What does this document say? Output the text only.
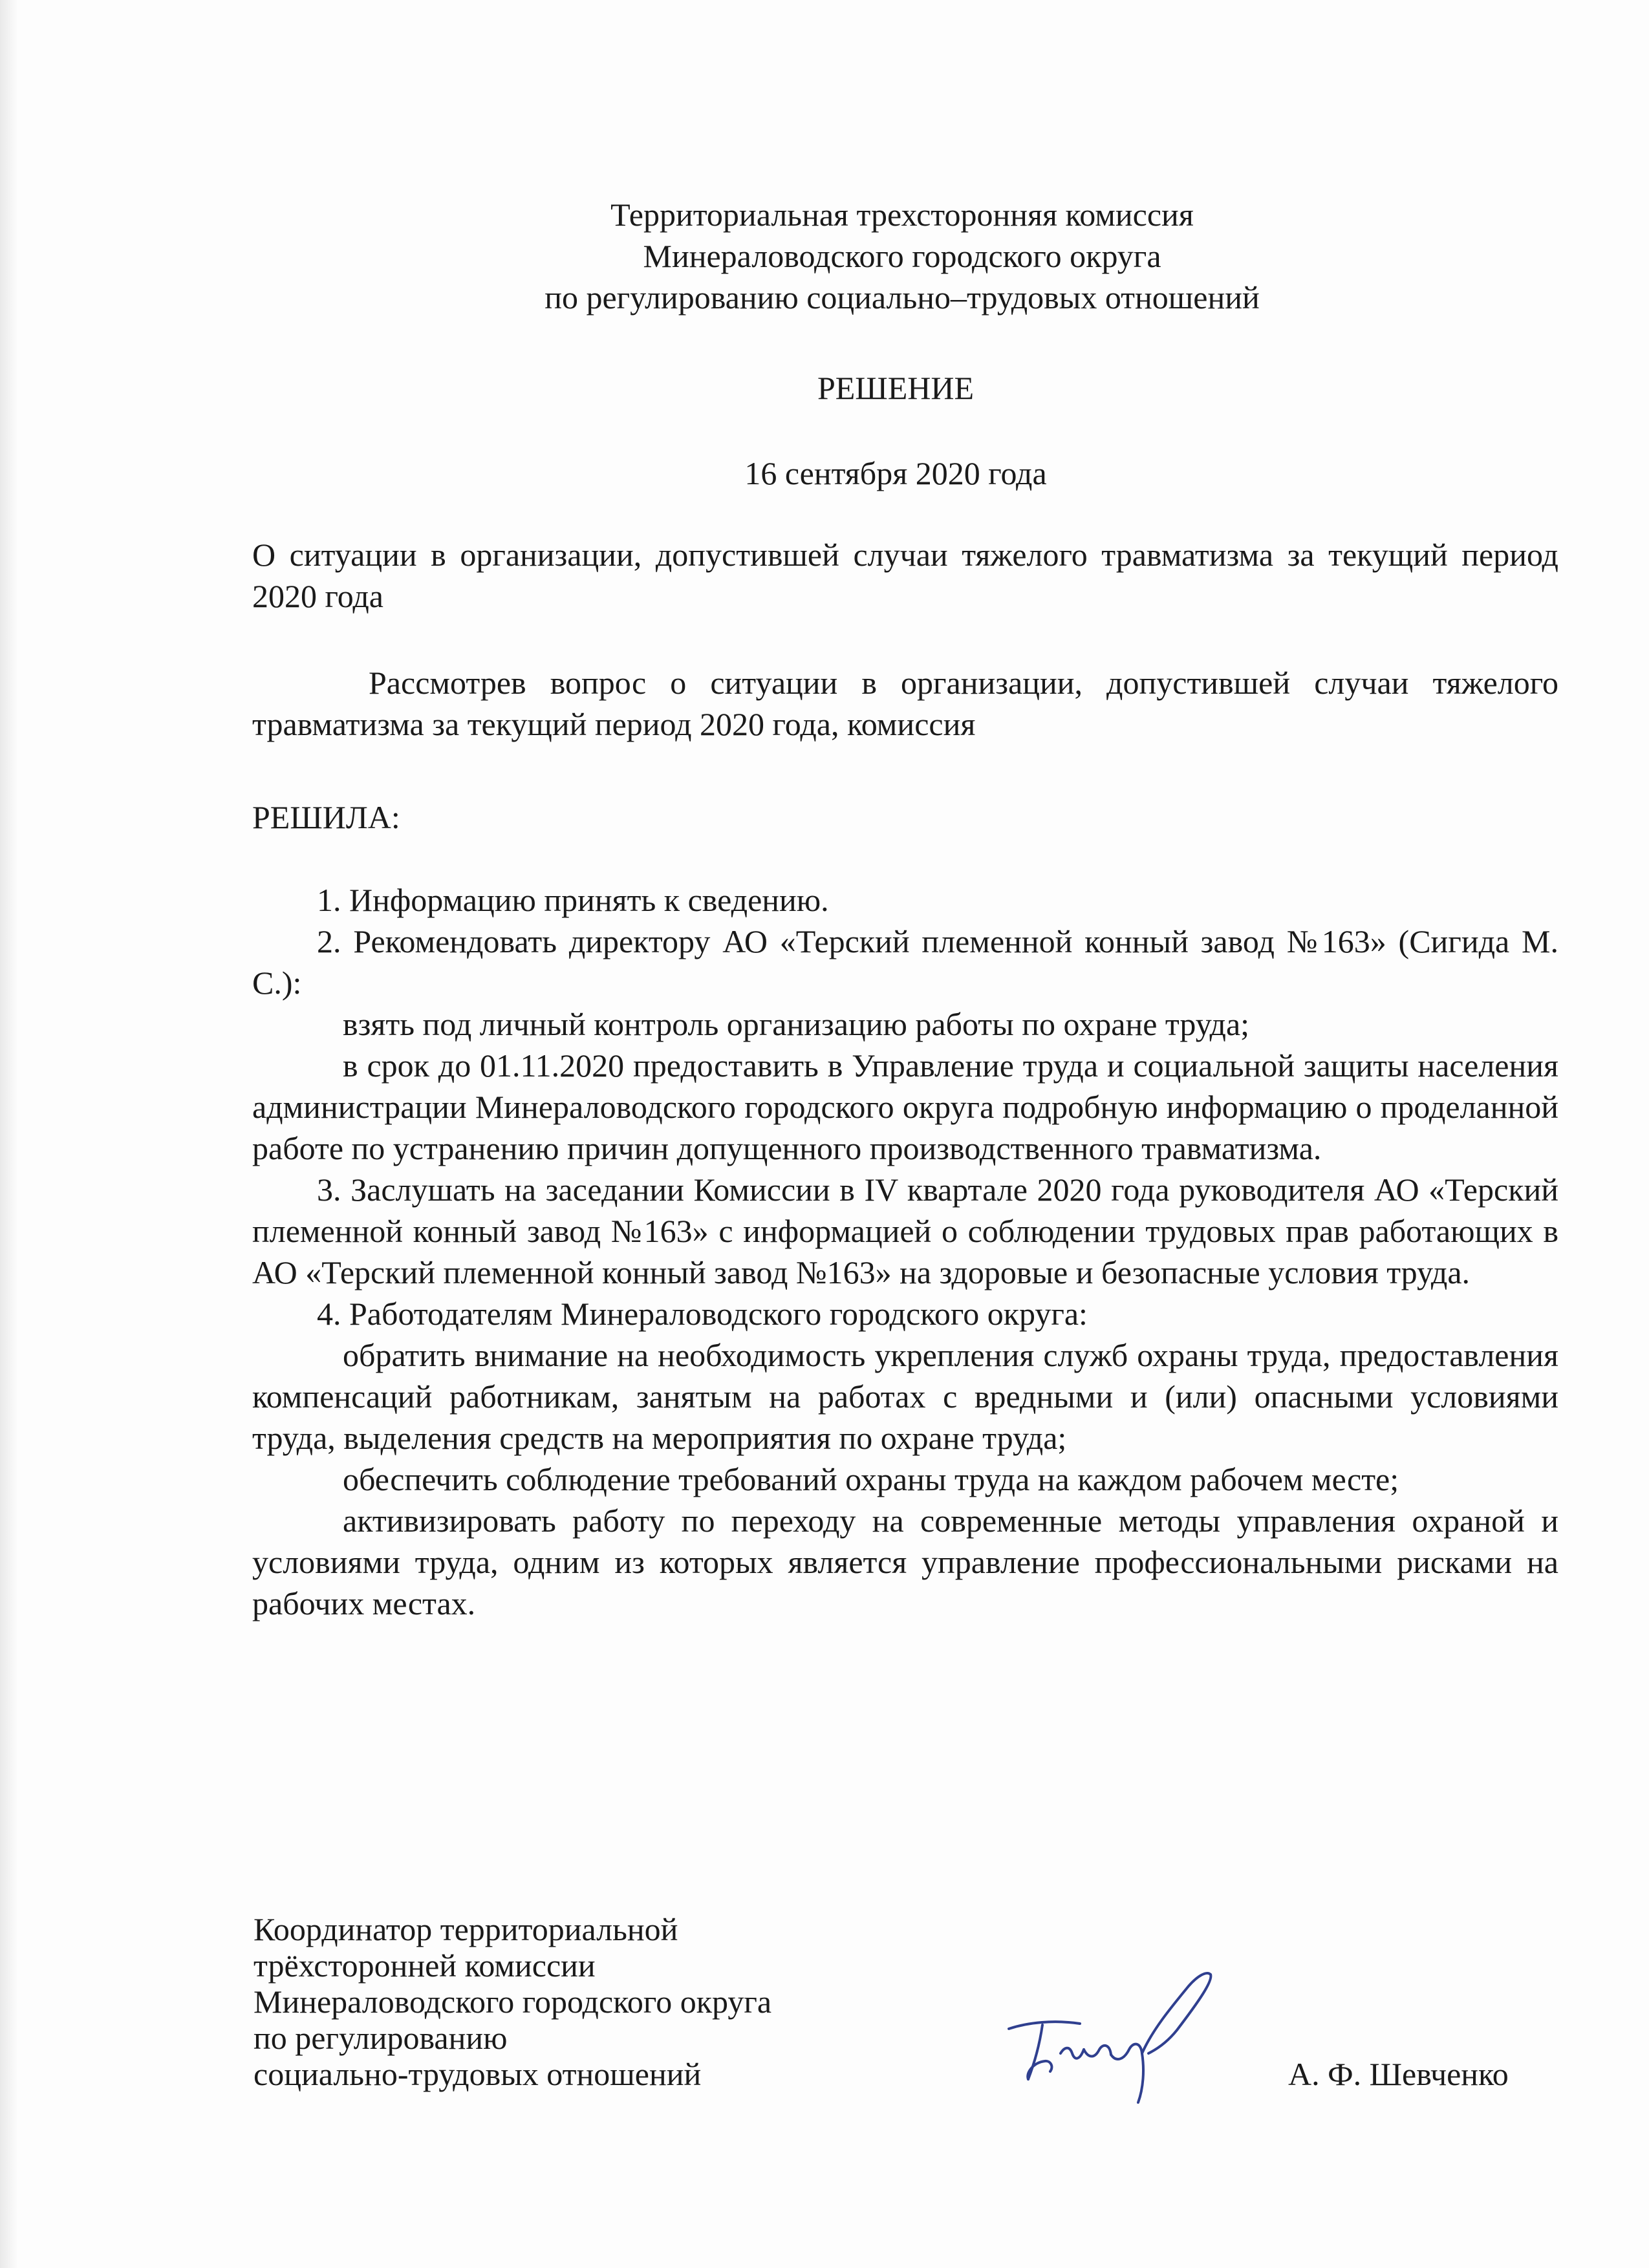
Территориальная трехсторонняя комиссия
Минераловодского городского округа
по регулированию социально–трудовых отношений
РЕШЕНИЕ
16 сентября 2020 года

О ситуации в организации, допустившей случаи тяжелого травматизма за текущий период 2020 года

Рассмотрев вопрос о ситуации в организации, допустившей случаи тяжелого травматизма за текущий период 2020 года, комиссия

РЕШИЛА:

1. Информацию принять к сведению.

2. Рекомендовать директору АО «Терский племенной конный завод №163» (Сигида М. С.):

взять под личный контроль организацию работы по охране труда;

в срок до 01.11.2020 предоставить в Управление труда и социальной защиты населения администрации Минераловодского городского округа подробную информацию о проделанной работе по устранению причин допущенного производственного травматизма.

3. Заслушать на заседании Комиссии в IV квартале 2020 года руководителя АО «Терский племенной конный завод №163» с информацией о соблюдении трудовых прав работающих в АО «Терский племенной конный завод №163» на здоровые и безопасные условия труда.

4. Работодателям Минераловодского городского округа:

обратить внимание на необходимость укрепления служб охраны труда, предоставления компенсаций работникам, занятым на работах с вредными и (или) опасными условиями труда, выделения средств на мероприятия по охране труда;

обеспечить соблюдение требований охраны труда на каждом рабочем месте;

активизировать работу по переходу на современные методы управления охраной и условиями труда, одним из которых является управление профессиональными рисками на рабочих местах.

Координатор территориальной
трёхсторонней комиссии
Минераловодского городского округа
по регулированию
социально-трудовых отношений	А. Ф. Шевченко
